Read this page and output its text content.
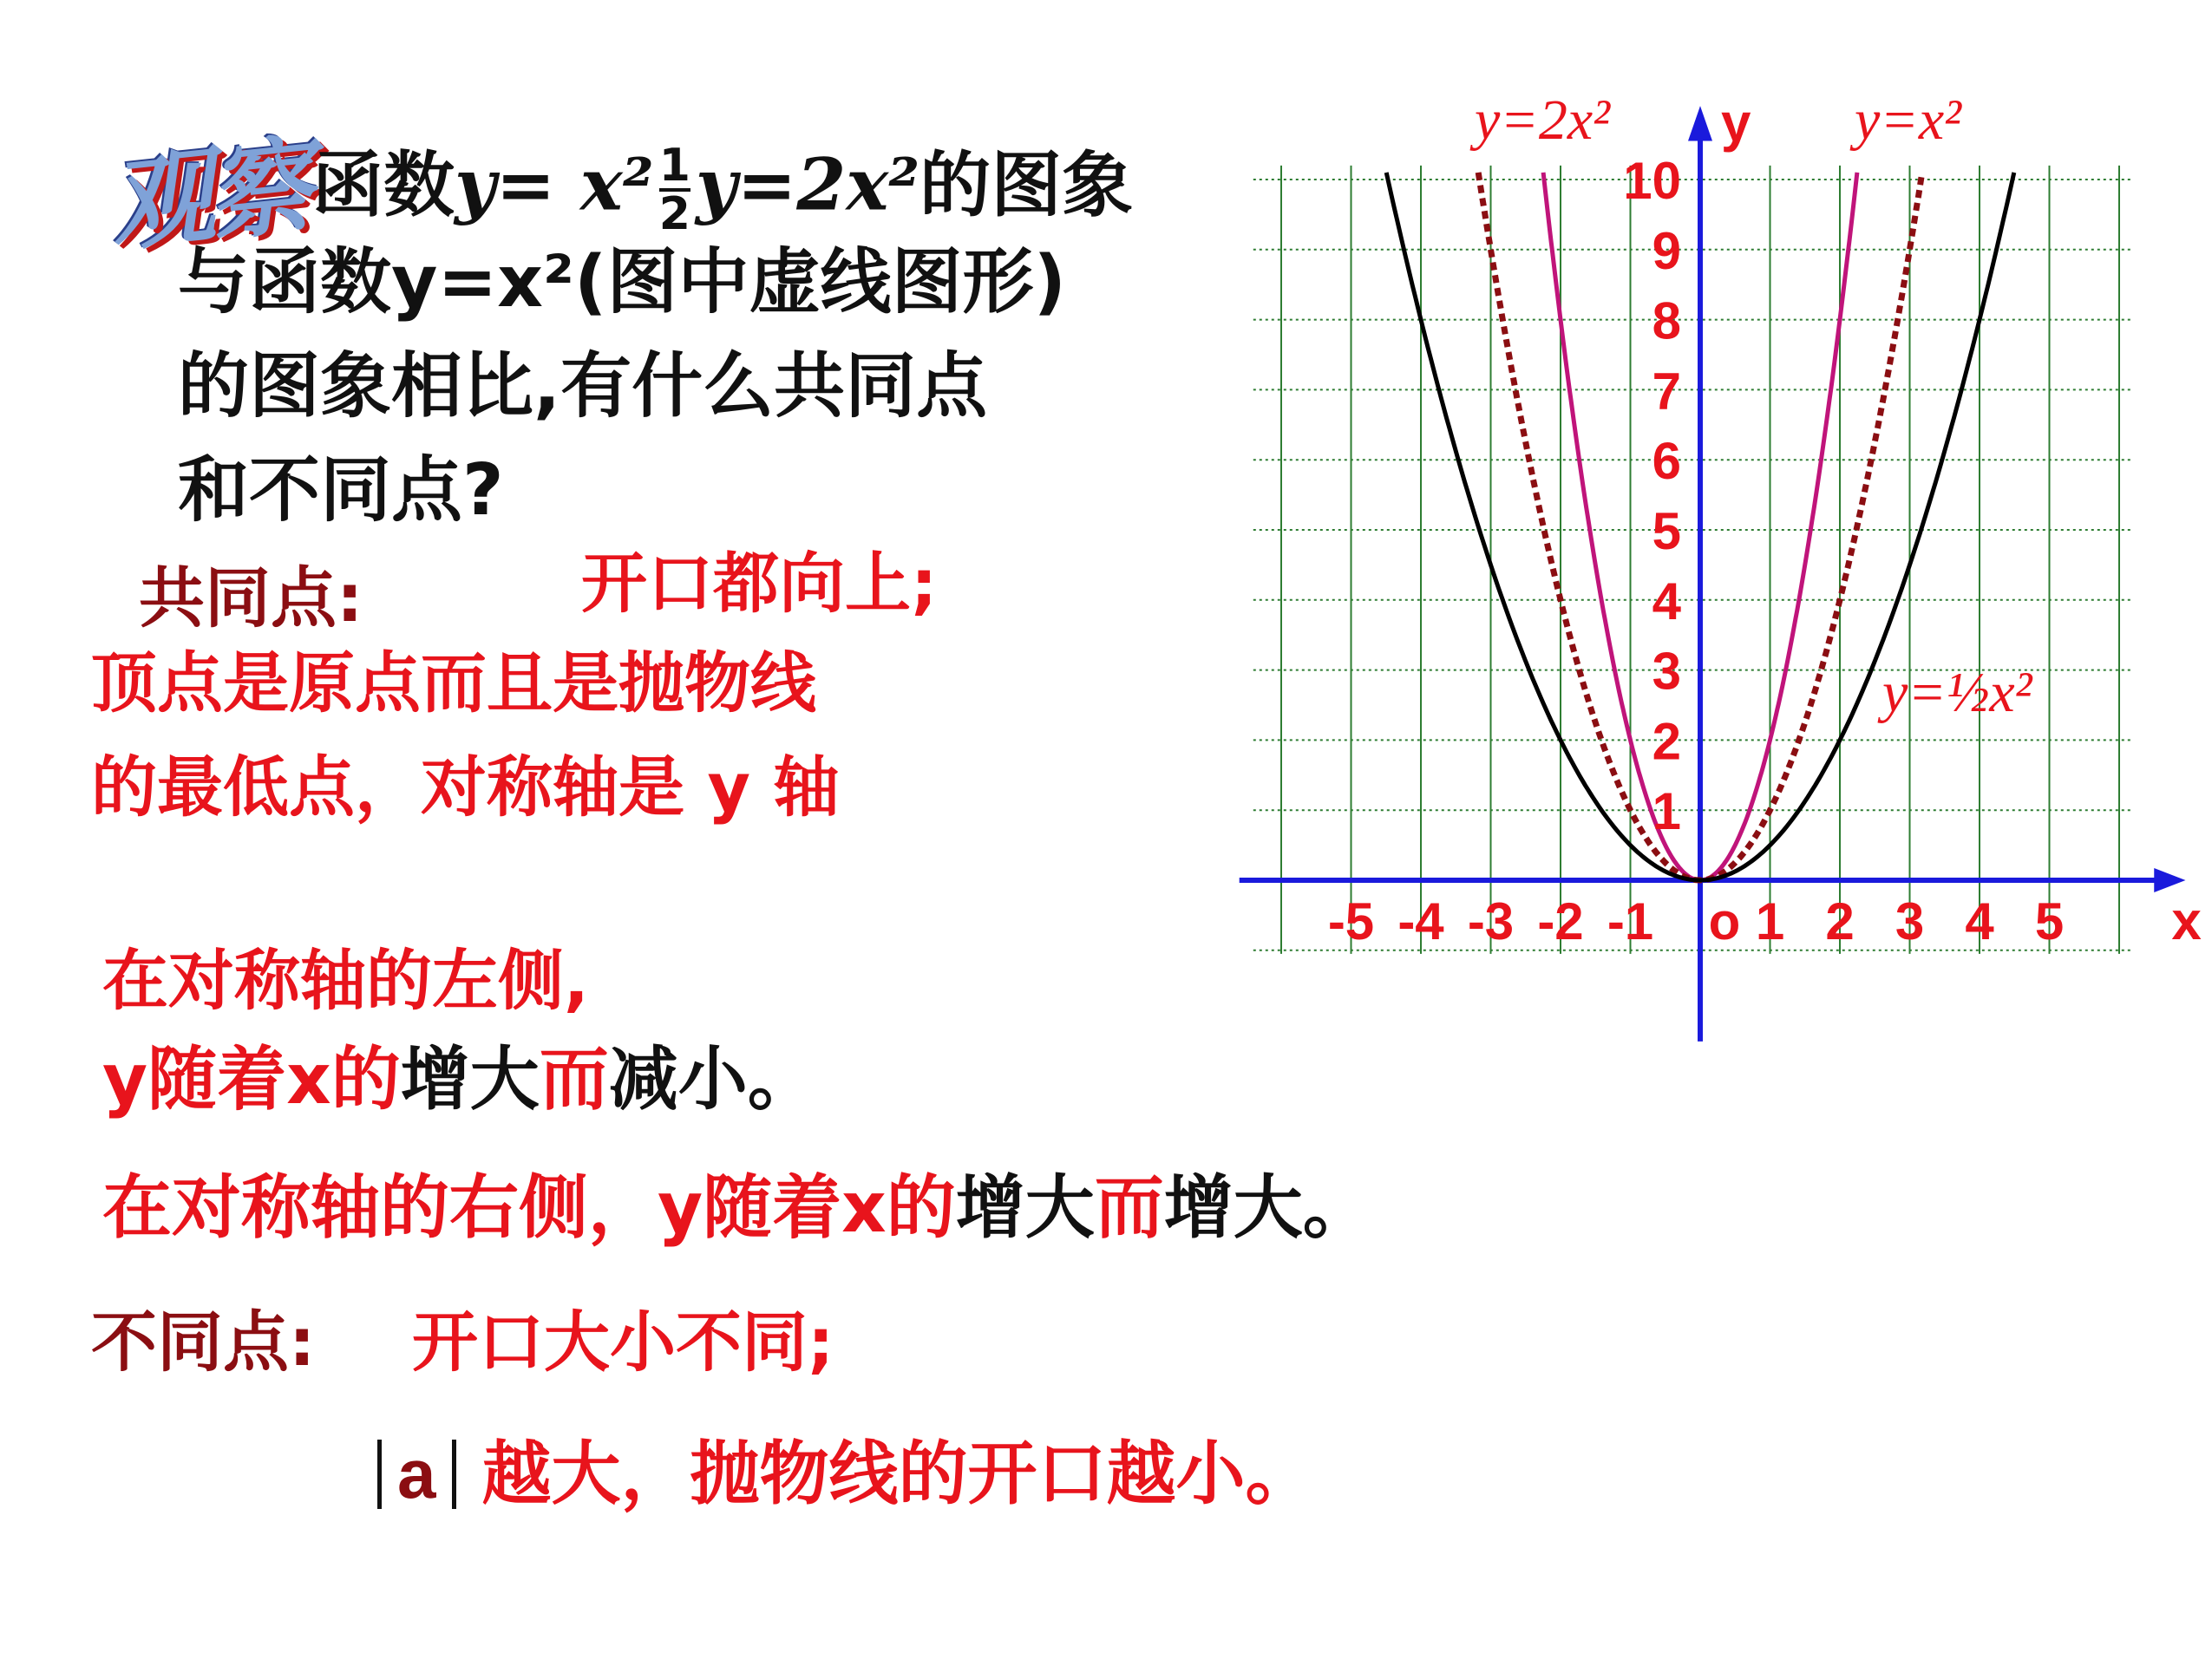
观察 函数$y= x^2 \frac{1}{2} y=2x^2$的图象
与函数y=x²(图中虚线图形)
的图象相比,有什么共同点
和不同点?
共同点:	开口都向上;
顶点是原点而且是抛物线
的最低点，对称轴是 y 轴
在对称轴的左侧,
y随着x的增大而减小。
在对称轴的右侧，y随着x的增大而增大。
不同点: 开口大小不同;
a 越大，抛物线的开口越小。
-5 -4 -3 -2 -1 o 1 2 3 4 5
1
2
3
4
5
6
7
8
9
10
x
y
y=2x²	y=x²
y=½x²
